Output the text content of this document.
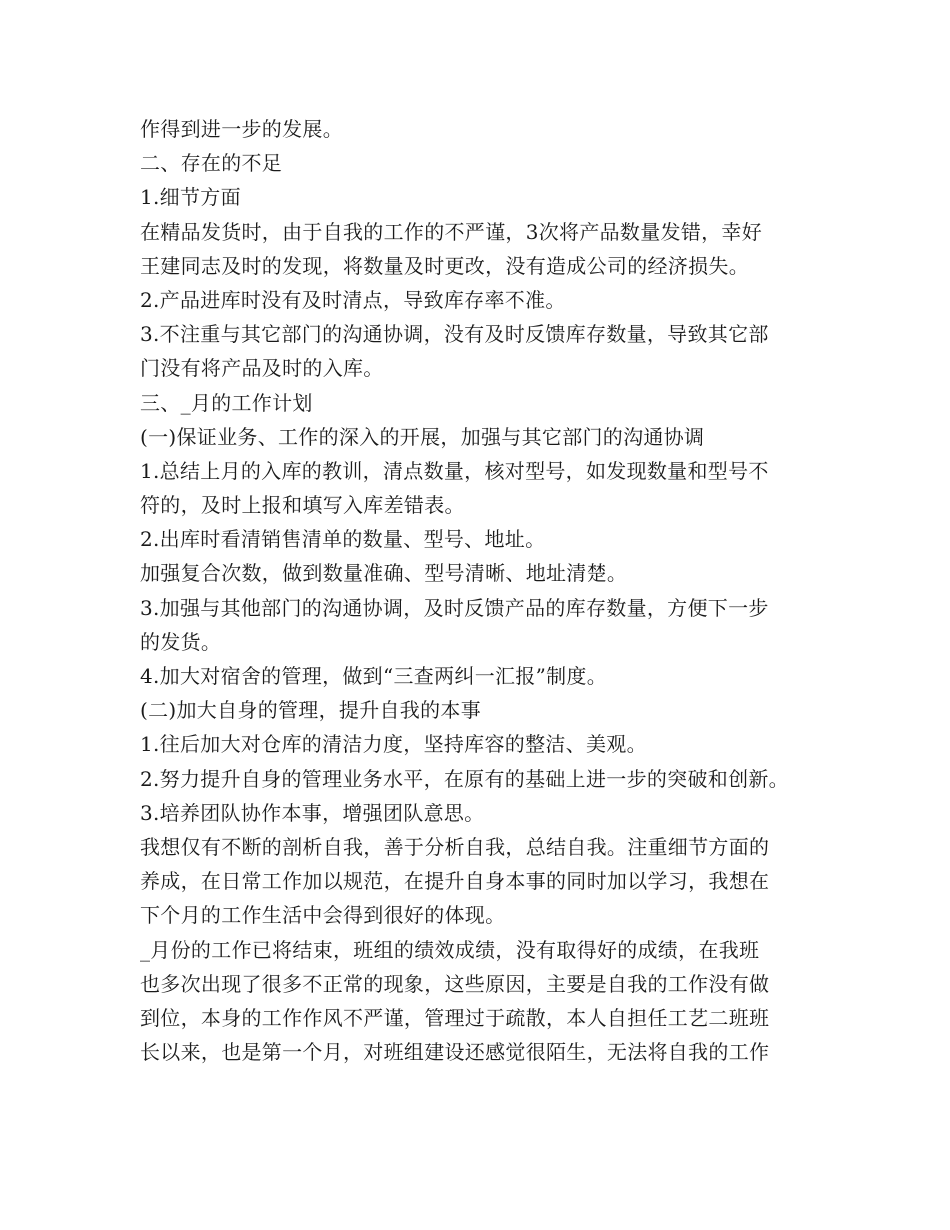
作得到进一步的发展。
二、存在的不足
1.细节方面
在精品发货时，由于自我的工作的不严谨，3次将产品数量发错，幸好
王建同志及时的发现，将数量及时更改，没有造成公司的经济损失。
2.产品进库时没有及时清点，导致库存率不准。
3.不注重与其它部门的沟通协调，没有及时反馈库存数量，导致其它部
门没有将产品及时的入库。
三、_月的工作计划
(一)保证业务、工作的深入的开展，加强与其它部门的沟通协调
1.总结上月的入库的教训，清点数量，核对型号，如发现数量和型号不
符的，及时上报和填写入库差错表。
2.出库时看清销售清单的数量、型号、地址。
加强复合次数，做到数量准确、型号清晰、地址清楚。
3.加强与其他部门的沟通协调，及时反馈产品的库存数量，方便下一步
的发货。
4.加大对宿舍的管理，做到“三查两纠一汇报”制度。
(二)加大自身的管理，提升自我的本事
1.往后加大对仓库的清洁力度，坚持库容的整洁、美观。
2.努力提升自身的管理业务水平，在原有的基础上进一步的突破和创新。
3.培养团队协作本事，增强团队意思。
我想仅有不断的剖析自我，善于分析自我，总结自我。注重细节方面的
养成，在日常工作加以规范，在提升自身本事的同时加以学习，我想在
下个月的工作生活中会得到很好的体现。
_月份的工作已将结束，班组的绩效成绩，没有取得好的成绩，在我班
也多次出现了很多不正常的现象，这些原因，主要是自我的工作没有做
到位，本身的工作作风不严谨，管理过于疏散，本人自担任工艺二班班
长以来，也是第一个月，对班组建设还感觉很陌生，无法将自我的工作
